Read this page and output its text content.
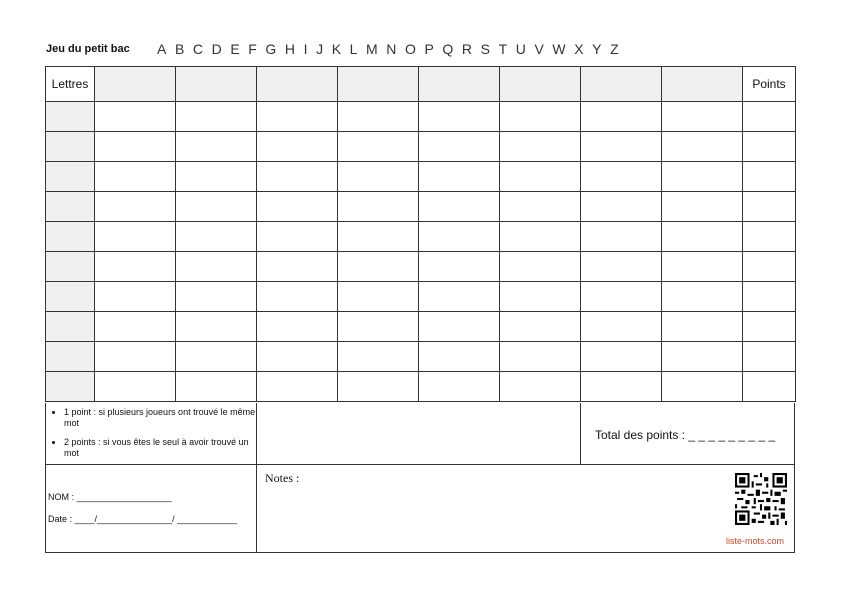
Jeu du petit bac A B C D E F G H I J K L M N O P Q R S T U V W X Y Z
Lettres									Points

• 1 point : si plusieurs joueurs ont trouvé le même mot
• 2 points : si vous êtes le seul à avoir trouvé un mot
Total des points : _ _ _ _ _ _ _ _ _
NOM : ___________________
Date : ____/_______________/ ____________
Notes :
liste-mots.com
